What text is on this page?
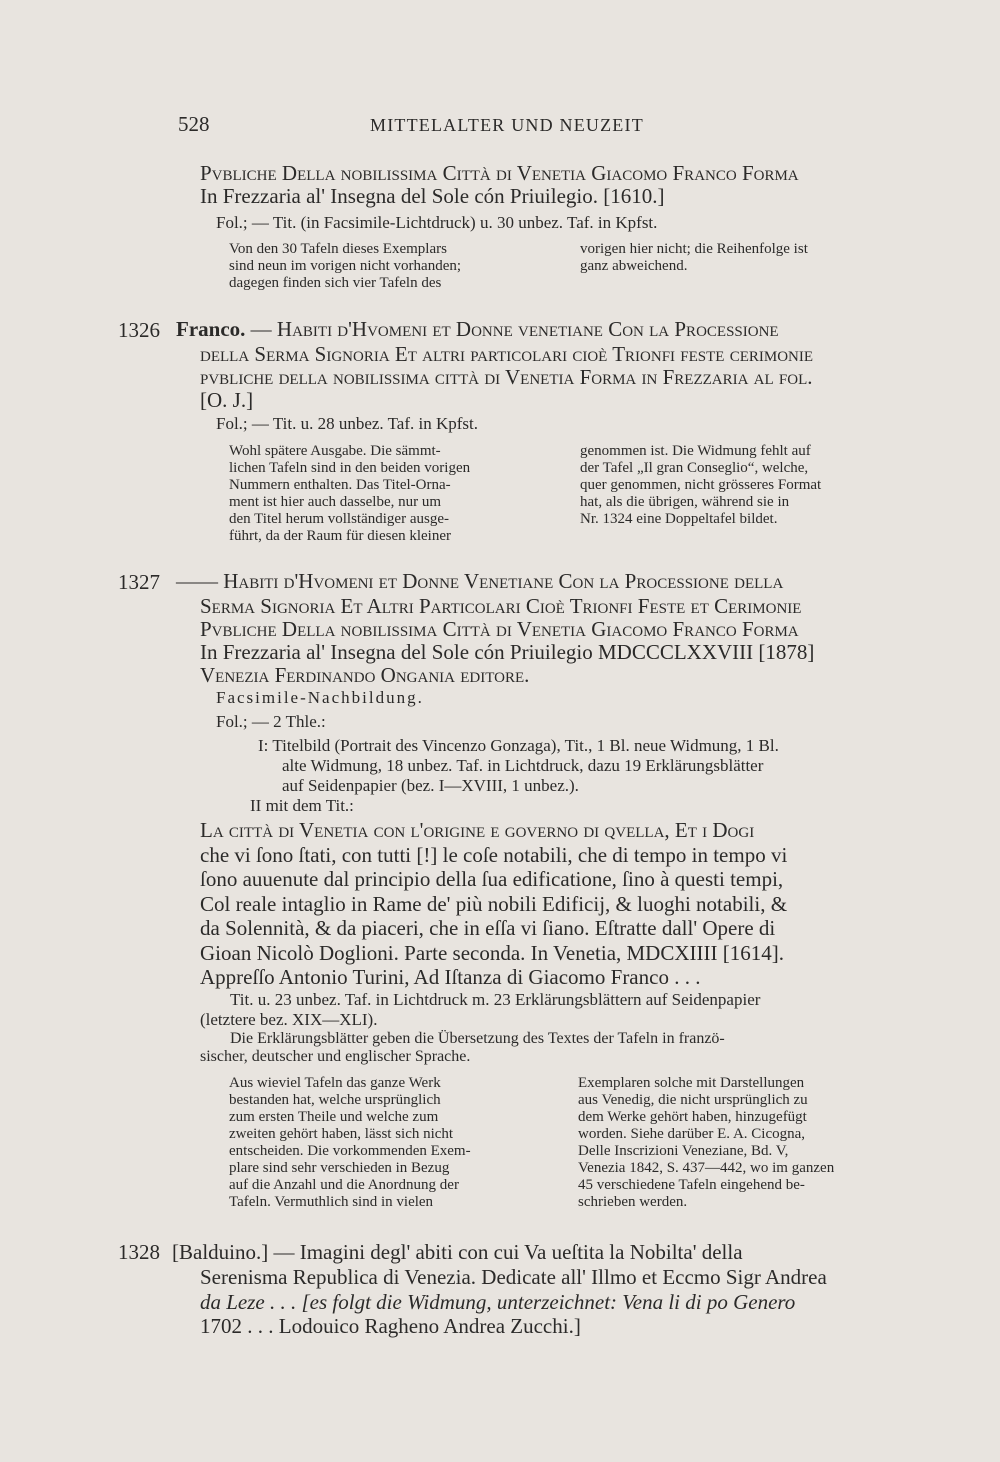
528	MITTELALTER UND NEUZEIT
Pvbliche Della nobilissima Città di Venetia Giacomo Franco Forma
In Frezzaria al' Insegna del Sole cón Priuilegio. [1610.]
Fol.; — Tit. (in Facsimile-Lichtdruck) u. 30 unbez. Taf. in Kpfst.
Von den 30 Tafeln dieses Exemplars
sind neun im vorigen nicht vorhanden;
dagegen finden sich vier Tafeln des
vorigen hier nicht; die Reihenfolge ist
ganz abweichend.
1326 Franco. — Habiti d'Hvomeni et Donne venetiane Con la Processione
della Serma Signoria Et altri particolari cioè Trionfi feste cerimonie
pvbliche della nobilissima città di Venetia Forma in Frezzaria al fol.
[O. J.]
Fol.; — Tit. u. 28 unbez. Taf. in Kpfst.
Wohl spätere Ausgabe. Die sämmt-
lichen Tafeln sind in den beiden vorigen
Nummern enthalten. Das Titel-Orna-
ment ist hier auch dasselbe, nur um
den Titel herum vollständiger ausge-
führt, da der Raum für diesen kleiner
genommen ist. Die Widmung fehlt auf
der Tafel „Il gran Conseglio“, welche,
quer genommen, nicht grösseres Format
hat, als die übrigen, während sie in
Nr. 1324 eine Doppeltafel bildet.
1327 —— Habiti d'Hvomeni et Donne Venetiane Con la Processione della
Serma Signoria Et Altri Particolari Cioè Trionfi Feste et Cerimonie
Pvbliche Della nobilissima Città di Venetia Giacomo Franco Forma
In Frezzaria al' Insegna del Sole cón Priuilegio MDCCCLXXVIII [1878]
Venezia Ferdinando Ongania editore.
Facsimile-Nachbildung.
Fol.; — 2 Thle.:
I: Titelbild (Portrait des Vincenzo Gonzaga), Tit., 1 Bl. neue Widmung, 1 Bl.
alte Widmung, 18 unbez. Taf. in Lichtdruck, dazu 19 Erklärungsblätter
auf Seidenpapier (bez. I—XVIII, 1 unbez.).
II mit dem Tit.:
La città di Venetia con l'origine e governo di qvella, Et i Dogi
che vi ſono ſtati, con tutti [!] le coſe notabili, che di tempo in tempo vi
ſono auuenute dal principio della ſua edificatione, ſino à questi tempi,
Col reale intaglio in Rame de' più nobili Edificij, & luoghi notabili, &
da Solennità, & da piaceri, che in eſſa vi ſiano. Eſtratte dall' Opere di
Gioan Nicolò Doglioni. Parte seconda. In Venetia, MDCXIIII [1614].
Appreſſo Antonio Turini, Ad Iſtanza di Giacomo Franco . . .
Tit. u. 23 unbez. Taf. in Lichtdruck m. 23 Erklärungsblättern auf Seidenpapier
(letztere bez. XIX—XLI).
Die Erklärungsblätter geben die Übersetzung des Textes der Tafeln in franzö-
sischer, deutscher und englischer Sprache.
Aus wieviel Tafeln das ganze Werk
bestanden hat, welche ursprünglich
zum ersten Theile und welche zum
zweiten gehört haben, lässt sich nicht
entscheiden. Die vorkommenden Exem-
plare sind sehr verschieden in Bezug
auf die Anzahl und die Anordnung der
Tafeln. Vermuthlich sind in vielen
Exemplaren solche mit Darstellungen
aus Venedig, die nicht ursprünglich zu
dem Werke gehört haben, hinzugefügt
worden. Siehe darüber E. A. Cicogna,
Delle Inscrizioni Veneziane, Bd. V,
Venezia 1842, S. 437—442, wo im ganzen
45 verschiedene Tafeln eingehend be-
schrieben werden.
1328 [Balduino.] — Imagini degl' abiti con cui Va ueſtita la Nobilta' della
Serenisma Republica di Venezia. Dedicate all' Illmo et Eccmo Sigr Andrea
da Leze . . . [es folgt die Widmung, unterzeichnet: Vena li di po Genero
1702 . . . Lodouico Ragheno Andrea Zucchi.]
